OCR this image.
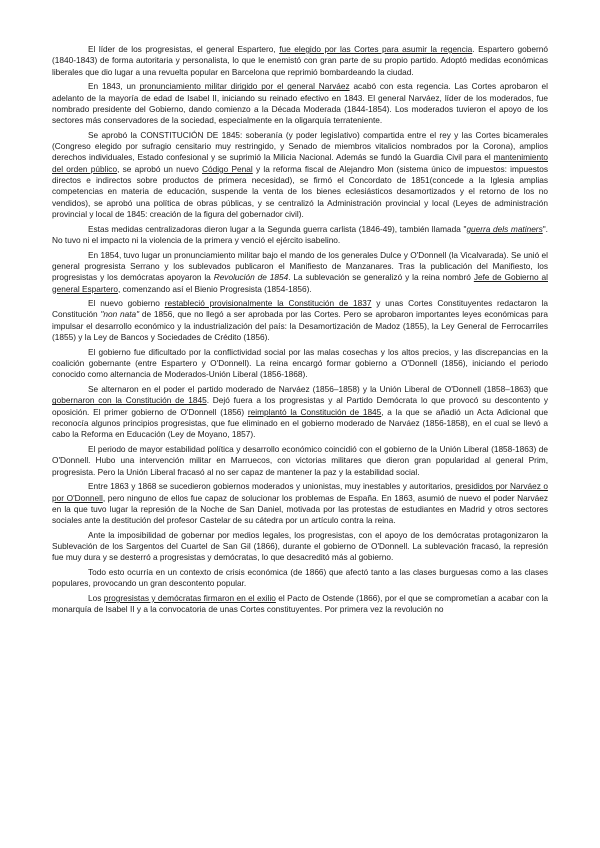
El líder de los progresistas, el general Espartero, fue elegido por las Cortes para asumir la regencia. Espartero gobernó (1840-1843) de forma autoritaria y personalista, lo que le enemistó con gran parte de su propio partido. Adoptó medidas económicas liberales que dio lugar a una revuelta popular en Barcelona que reprimió bombardeando la ciudad.

En 1843, un pronunciamiento militar dirigido por el general Narváez acabó con esta regencia. Las Cortes aprobaron el adelanto de la mayoría de edad de Isabel II, iniciando su reinado efectivo en 1843. El general Narváez, líder de los moderados, fue nombrado presidente del Gobierno, dando comienzo a la Década Moderada (1844-1854). Los moderados tuvieron el apoyo de los sectores más conservadores de la sociedad, especialmente en la oligarquía terrateniente.

Se aprobó la CONSTITUCIÓN DE 1845: soberanía (y poder legislativo) compartida entre el rey y las Cortes bicamerales (Congreso elegido por sufragio censitario muy restringido, y Senado de miembros vitalicios nombrados por la Corona), amplios derechos individuales, Estado confesional y se suprimió la Milicia Nacional. Además se fundó la Guardia Civil para el mantenimiento del orden público, se aprobó un nuevo Código Penal y la reforma fiscal de Alejandro Mon (sistema único de impuestos: impuestos directos e indirectos sobre productos de primera necesidad), se firmó el Concordato de 1851(concede a la Iglesia amplias competencias en materia de educación, suspende la venta de los bienes eclesiásticos desamortizados y el retorno de los no vendidos), se aprobó una política de obras públicas, y se centralizó la Administración provincial y local (Leyes de administración provincial y local de 1845: creación de la figura del gobernador civil).

Estas medidas centralizadoras dieron lugar a la Segunda guerra carlista (1846-49), también llamada "guerra dels matiners". No tuvo ni el impacto ni la violencia de la primera y venció el ejército isabelino.

En 1854, tuvo lugar un pronunciamiento militar bajo el mando de los generales Dulce y O'Donnell (la Vicalvarada). Se unió el general progresista Serrano y los sublevados publicaron el Manifiesto de Manzanares. Tras la publicación del Manifiesto, los progresistas y los demócratas apoyaron la Revolución de 1854. La sublevación se generalizó y la reina nombró Jefe de Gobierno al general Espartero, comenzando así el Bienio Progresista (1854-1856).

El nuevo gobierno restableció provisionalmente la Constitución de 1837 y unas Cortes Constituyentes redactaron la Constitución "non nata" de 1856, que no llegó a ser aprobada por las Cortes. Pero se aprobaron importantes leyes económicas para impulsar el desarrollo económico y la industrialización del país: la Desamortización de Madoz (1855), la Ley General de Ferrocarriles (1855) y la Ley de Bancos y Sociedades de Crédito (1856).

El gobierno fue dificultado por la conflictividad social por las malas cosechas y los altos precios, y las discrepancias en la coalición gobernante (entre Espartero y O'Donnell). La reina encargó formar gobierno a O'Donnell (1856), iniciando el periodo conocido como alternancia de Moderados-Unión Liberal (1856-1868).

Se alternaron en el poder el partido moderado de Narváez (1856–1858) y la Unión Liberal de O'Donnell (1858–1863) que gobernaron con la Constitución de 1845. Dejó fuera a los progresistas y al Partido Demócrata lo que provocó su descontento y oposición. El primer gobierno de O'Donnell (1856) reimplantó la Constitución de 1845, a la que se añadió un Acta Adicional que reconocía algunos principios progresistas, que fue eliminado en el gobierno moderado de Narváez (1856-1858), en el cual se llevó a cabo la Reforma en Educación (Ley de Moyano, 1857).

El periodo de mayor estabilidad política y desarrollo económico coincidió con el gobierno de la Unión Liberal (1858-1863) de O'Donnell. Hubo una intervención militar en Marruecos, con victorias militares que dieron gran popularidad al general Prim, progresista. Pero la Unión Liberal fracasó al no ser capaz de mantener la paz y la estabilidad social.

Entre 1863 y 1868 se sucedieron gobiernos moderados y unionistas, muy inestables y autoritarios, presididos por Narváez o por O'Donnell, pero ninguno de ellos fue capaz de solucionar los problemas de España. En 1863, asumió de nuevo el poder Narváez en la que tuvo lugar la represión de la Noche de San Daniel, motivada por las protestas de estudiantes en Madrid y otros sectores sociales ante la destitución del profesor Castelar de su cátedra por un artículo contra la reina.

Ante la imposibilidad de gobernar por medios legales, los progresistas, con el apoyo de los demócratas protagonizaron la Sublevación de los Sargentos del Cuartel de San Gil (1866), durante el gobierno de O'Donnell. La sublevación fracasó, la represión fue muy dura y se desterró a progresistas y demócratas, lo que desacreditó más al gobierno.

Todo esto ocurría en un contexto de crisis económica (de 1866) que afectó tanto a las clases burguesas como a las clases populares, provocando un gran descontento popular.

Los progresistas y demócratas firmaron en el exilio el Pacto de Ostende (1866), por el que se comprometían a acabar con la monarquía de Isabel II y a la convocatoria de unas Cortes constituyentes. Por primera vez la revolución no
